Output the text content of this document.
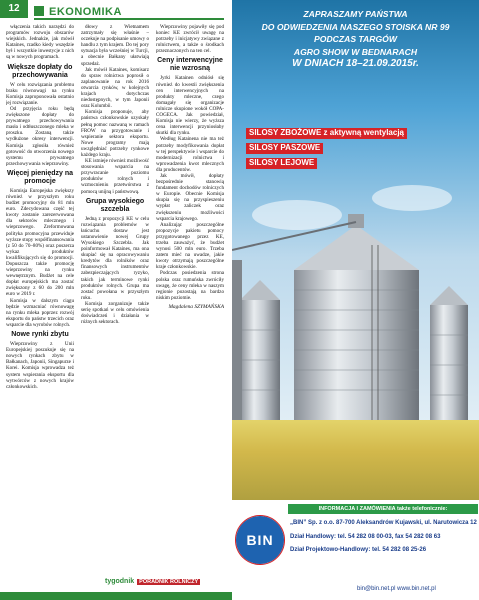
12	EKONOMIKA

włączenia takich narzędzi do programów rozwoju obszarów wiejskich. Jednakże, jak mówił Kataines, rzadko kiedy wszędzie był i wszystkie inwestycje z nich są w nowych programach.

Większe dopłaty do przechowywania

W celu rozwiązania problemu braku równowagi na rynku Komisja zaproponowała ostatnio jej rozwiązanie.

Od przyjęcia roku będą zwiększone dopłaty do prywatnego przechowywania masła i odtłuszczonego mleka w proszku. Zostaną także wydłużone okresy interwencji. Komisja zgłosiła również gotowość do otworzenia nowego systemu prywatnego przechowywania wieprzowiny.

Więcej pieniędzy na promocje

Komisja Europejska zwiększy również w przyszłym roku budżet promocyjny do 81 mln euro. Zdecydowana część tej kwoty zostanie zarezerwowana dla sektorów mlecznego i wieprzowego. Zreformowana polityka promocyjna przewiduje wyższe stopy współfinansowania (z 50 do 70–80%) oraz poszerza wykaz produktów kwalifikujących się do promocji. Dopuszcza także promocję wieprzowiny na rynku wewnętrznym. Budżet na cele dopłat europejskich ma zostać zwiększony z 60 do 200 mln euro w 2019 r.

Komisja w dalszym ciągu będzie wzmacniać równowagę na rynku mleka poprzez rozwój eksportu do państw trzecich oraz wsparcie dla wyrobów rolnych.

Nowe rynki zbytu

Wieprzowiny z Unii Europejskiej poszukuje się na nowych rynkach zbytu w Bałkanach, Japonii, Singapurze i Korei. Komisja wprowadza też system wspierania eksportu dla wytwórców z nowych krajów członkowskich.

dłowy z Wietnamem zatrzymały się właśnie – oczekuje na podpisanie umowy o handlu z tym krajem. Do tej pory sytuacja była wcześniej w Turcji, a obecnie Bałkany ułatwiają sprzedaż.

Jak mówił Kataines, komisarz do spraw rolnictwa poprosił o zaplanowanie na rok 2016 otwarcia rynków, w kolejnych krajach dotychczas niedostępnych, w tym Japonii oraz Kolumbii.

Komisja proponuje, aby państwa członkowskie uzyskały pełną pomoc nazwaną w ramach FROW na przygotowanie i wspieranie sektora eksportu. Nowe programy mają uwzględniać potrzeby rynkowe każdego kraju.

KE istnieje również możliwość stosowania wsparcia na przywracanie poziomu produktów rolnych i wzmocnieniu przetwórstwa z pomocą unijną i państwową.

Grupa wysokiego szczebla

Jedną z propozycji KE w celu rozwiązania problemów w łańcuchu dostaw jest ustanowienie nowej Grupy Wysokiego Szczebla. Jak poinformował Kataines, ma ona skupiać się na opracowywaniu kredytów dla rolników oraz finansowych instrumentów zabezpieczających ryzyko, takich jak terminowe rynki produktów rolnych. Grupa ma zostać powołana w przyszłym roku.

Komisja zorganizuje także serię spotkań w celu omówienia doświadczeń i działania w różnych sektorach.

Wieprzowiny pojawiły się pod koniec KE zwrócił uwagę na potrzeby i inicjatywy związane z rolnictwem, a także o środkach przeznaczonych na ten cel.

Ceny interwencyjne nie wzrosną

Jyrki Katainen odniósł się również do kwestii zwiększenia cen interwencyjnych na produkty mleczne, czego domagały się organizacje rolnicze skupione wokół COPA-COGECA. Jak powiedział, Komisja nie wierzy, że wyższa cena interwencji przyniosłaby skutki dla rynku.

Według Katainena nie ma też potrzeby modyfikowania dopłat w tej perspektywie i wsparcie do modernizacji rolnictwa i wprowadzenia kwot mlecznych dla producentów.

Jak mówił, dopłaty bezpośrednie stanowią fundament dochodów rolniczych w Europie. Obecnie Komisja skupia się na przyspieszeniu wypłat zaliczek oraz zwiększeniu możliwości wsparcia krajowego.

Analizując poszczególne propozycje pakietu pomocy przygotowanego przez KE, trzeba zauważyć, że budżet wynosi 500 mln euro. Trzeba zatem mieć na uwadze, jakie kwoty otrzymają poszczególne kraje członkowskie.

Podczas posiedzenia strona polska oraz rumuńska zwróciły uwagę, że ceny mleka w naszym regionie pozostają na bardzo niskim poziomie.

Magdalena SZYMAŃSKA
tygodnik PORADNIK ROLNICZY
ZAPRASZAMY PAŃSTWA
DO ODWIEDZENIA NASZEGO STOISKA NR 99
PODCZAS TARGÓW
AGRO SHOW W BEDNARACH
W DNIACH 18–21.09.2015r.
SILOSY ZBOŻOWE z aktywną wentylacją
SILOSY PASZOWE
SILOSY LEJOWE
BIN
INFORMACJA I ZAMÓWIENIA także telefonicznie:
„BIN” Sp. z o.o. 87-700 Aleksandrów Kujawski, ul. Narutowicza 12
Dział Handlowy: tel. 54 282 08 00-03, fax 54 282 08 63
Dział Projektowo-Handlowy: tel. 54 282 08 25-26
bin@bin.net.pl www.bin.net.pl
